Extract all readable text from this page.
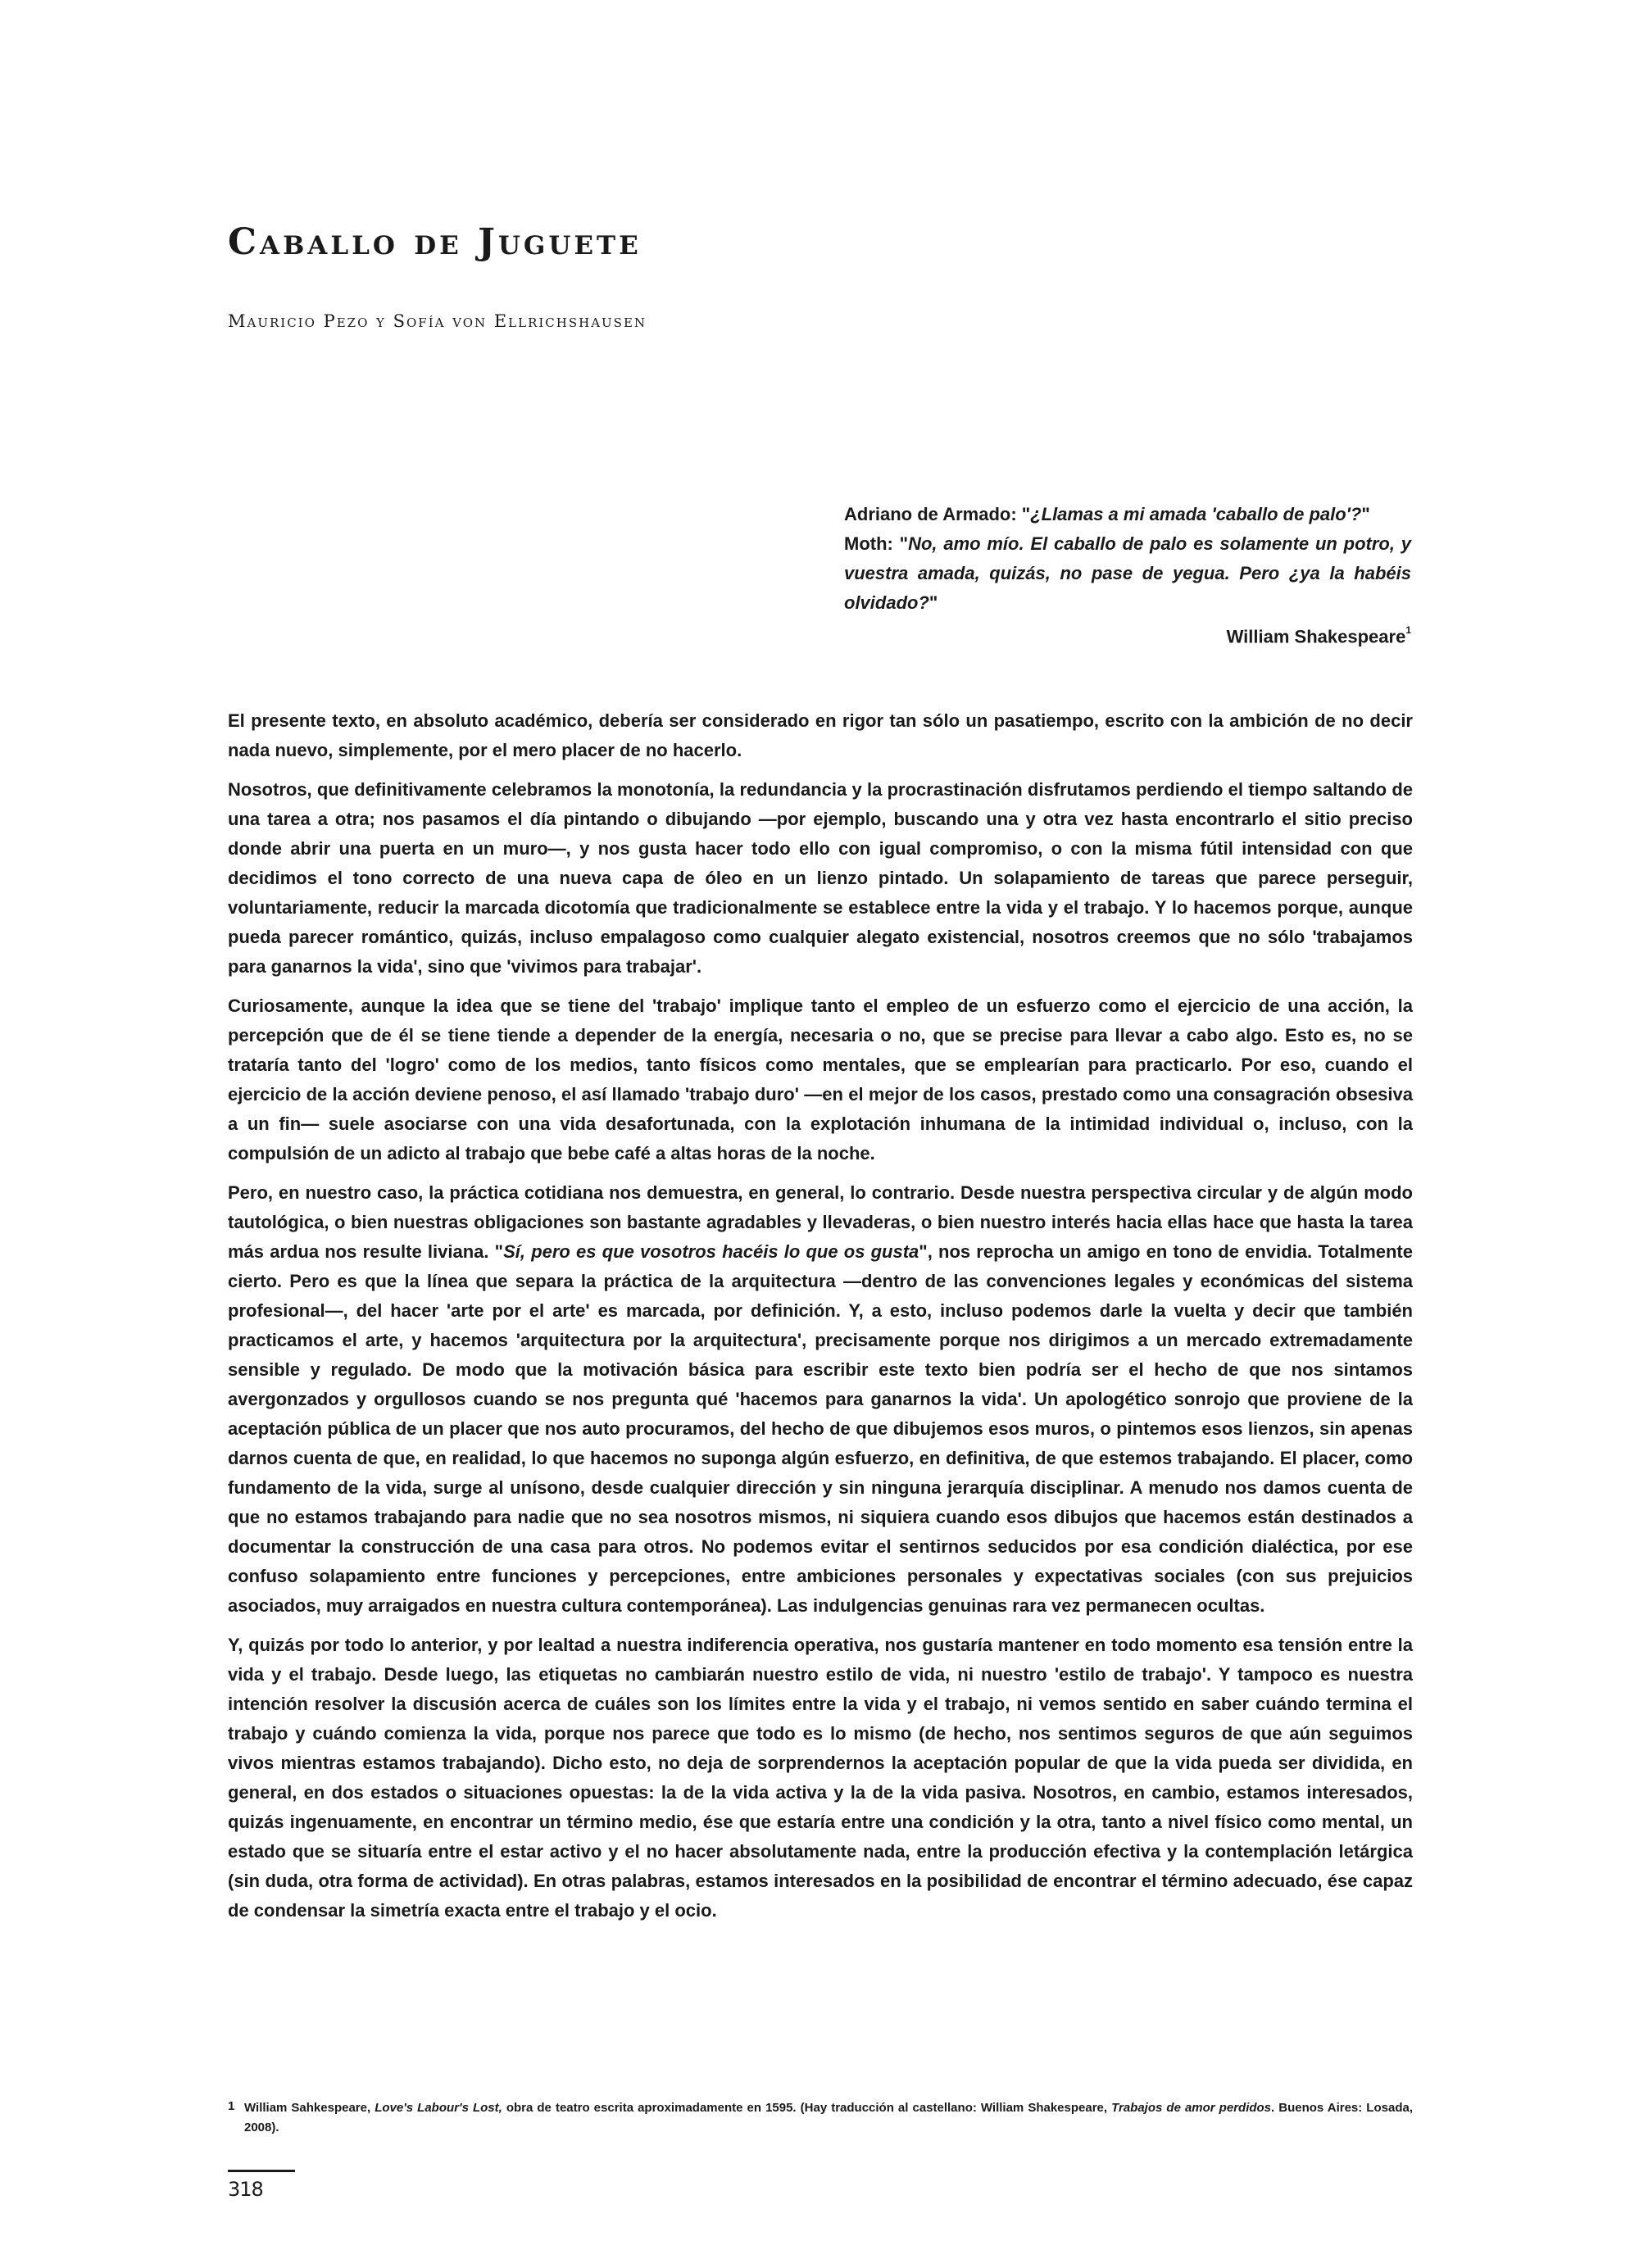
Caballo de Juguete
Mauricio Pezo y Sofía von Ellrichshausen

Adriano de Armado: "¿Llamas a mi amada 'caballo de palo'?"

Moth: "No, amo mío. El caballo de palo es solamente un potro, y vuestra amada, quizás, no pase de yegua. Pero ¿ya la habéis olvidado?"

William Shakespeare$^1$

El presente texto, en absoluto académico, debería ser considerado en rigor tan sólo un pasatiempo, escrito con la ambición de no decir nada nuevo, simplemente, por el mero placer de no hacerlo.

Nosotros, que definitivamente celebramos la monotonía, la redundancia y la procrastinación disfrutamos perdiendo el tiempo saltando de una tarea a otra; nos pasamos el día pintando o dibujando —por ejemplo, buscando una y otra vez hasta encontrarlo el sitio preciso donde abrir una puerta en un muro—, y nos gusta hacer todo ello con igual compromiso, o con la misma fútil intensidad con que decidimos el tono correcto de una nueva capa de óleo en un lienzo pintado. Un solapamiento de tareas que parece perseguir, voluntariamente, reducir la marcada dicotomía que tradicionalmente se establece entre la vida y el trabajo. Y lo hacemos porque, aunque pueda parecer romántico, quizás, incluso empalagoso como cualquier alegato existencial, nosotros creemos que no sólo 'trabajamos para ganarnos la vida', sino que 'vivimos para trabajar'.

Curiosamente, aunque la idea que se tiene del 'trabajo' implique tanto el empleo de un esfuerzo como el ejercicio de una acción, la percepción que de él se tiene tiende a depender de la energía, necesaria o no, que se precise para llevar a cabo algo. Esto es, no se trataría tanto del 'logro' como de los medios, tanto físicos como mentales, que se emplearían para practicarlo. Por eso, cuando el ejercicio de la acción deviene penoso, el así llamado 'trabajo duro' —en el mejor de los casos, prestado como una consagración obsesiva a un fin— suele asociarse con una vida desafortunada, con la explotación inhumana de la intimidad individual o, incluso, con la compulsión de un adicto al trabajo que bebe café a altas horas de la noche.

Pero, en nuestro caso, la práctica cotidiana nos demuestra, en general, lo contrario. Desde nuestra perspectiva circular y de algún modo tautológica, o bien nuestras obligaciones son bastante agradables y llevaderas, o bien nuestro interés hacia ellas hace que hasta la tarea más ardua nos resulte liviana. "Sí, pero es que vosotros hacéis lo que os gusta", nos reprocha un amigo en tono de envidia. Totalmente cierto. Pero es que la línea que separa la práctica de la arquitectura —dentro de las convenciones legales y económicas del sistema profesional—, del hacer 'arte por el arte' es marcada, por definición. Y, a esto, incluso podemos darle la vuelta y decir que también practicamos el arte, y hacemos 'arquitectura por la arquitectura', precisamente porque nos dirigimos a un mercado extremadamente sensible y regulado. De modo que la motivación básica para escribir este texto bien podría ser el hecho de que nos sintamos avergonzados y orgullosos cuando se nos pregunta qué 'hacemos para ganarnos la vida'. Un apologético sonrojo que proviene de la aceptación pública de un placer que nos auto procuramos, del hecho de que dibujemos esos muros, o pintemos esos lienzos, sin apenas darnos cuenta de que, en realidad, lo que hacemos no suponga algún esfuerzo, en definitiva, de que estemos trabajando. El placer, como fundamento de la vida, surge al unísono, desde cualquier dirección y sin ninguna jerarquía disciplinar. A menudo nos damos cuenta de que no estamos trabajando para nadie que no sea nosotros mismos, ni siquiera cuando esos dibujos que hacemos están destinados a documentar la construcción de una casa para otros. No podemos evitar el sentirnos seducidos por esa condición dialéctica, por ese confuso solapamiento entre funciones y percepciones, entre ambiciones personales y expectativas sociales (con sus prejuicios asociados, muy arraigados en nuestra cultura contemporánea). Las indulgencias genuinas rara vez permanecen ocultas.

Y, quizás por todo lo anterior, y por lealtad a nuestra indiferencia operativa, nos gustaría mantener en todo momento esa tensión entre la vida y el trabajo. Desde luego, las etiquetas no cambiarán nuestro estilo de vida, ni nuestro 'estilo de trabajo'. Y tampoco es nuestra intención resolver la discusión acerca de cuáles son los límites entre la vida y el trabajo, ni vemos sentido en saber cuándo termina el trabajo y cuándo comienza la vida, porque nos parece que todo es lo mismo (de hecho, nos sentimos seguros de que aún seguimos vivos mientras estamos trabajando). Dicho esto, no deja de sorprendernos la aceptación popular de que la vida pueda ser dividida, en general, en dos estados o situaciones opuestas: la de la vida activa y la de la vida pasiva. Nosotros, en cambio, estamos interesados, quizás ingenuamente, en encontrar un término medio, ése que estaría entre una condición y la otra, tanto a nivel físico como mental, un estado que se situaría entre el estar activo y el no hacer absolutamente nada, entre la producción efectiva y la contemplación letárgica (sin duda, otra forma de actividad). En otras palabras, estamos interesados en la posibilidad de encontrar el término adecuado, ése capaz de condensar la simetría exacta entre el trabajo y el ocio.

1 William Sahkespeare, Love's Labour's Lost, obra de teatro escrita aproximadamente en 1595. (Hay traducción al castellano: William Shakespeare, Trabajos de amor perdidos. Buenos Aires: Losada, 2008).
318
